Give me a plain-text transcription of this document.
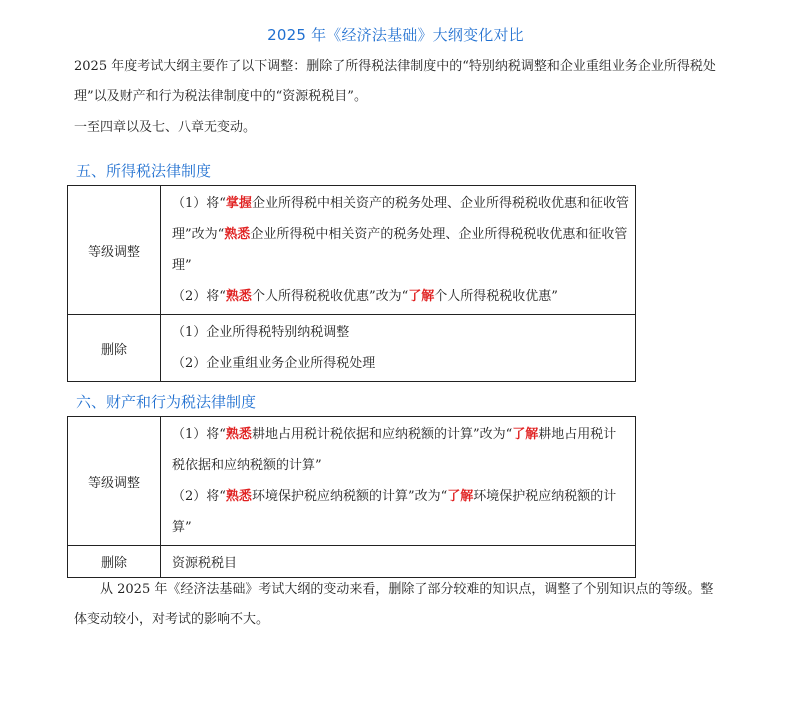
2025 年《经济法基础》大纲变化对比

2025 年度考试大纲主要作了以下调整：删除了所得税法律制度中的“特别纳税调整和企业重组业务企业所得税处理”以及财产和行为税法律制度中的“资源税税目”。

一至四章以及七、八章无变动。

五、所得税法律制度
等级调整	（1）将“掌握企业所得税中相关资产的税务处理、企业所得税税收优惠和征收管理”改为“熟悉企业所得税中相关资产的税务处理、企业所得税税收优惠和征收管理”

（2）将“熟悉个人所得税税收优惠”改为“了解个人所得税税收优惠”

删除	（1）企业所得税特别纳税调整

（2）企业重组业务企业所得税处理

六、财产和行为税法律制度
等级调整	（1）将“熟悉耕地占用税计税依据和应纳税额的计算”改为“了解耕地占用税计税依据和应纳税额的计算”

（2）将“熟悉环境保护税应纳税额的计算”改为“了解环境保护税应纳税额的计算”

删除	资源税税目

从 2025 年《经济法基础》考试大纲的变动来看，删除了部分较难的知识点，调整了个别知识点的等级。整体变动较小，对考试的影响不大。
